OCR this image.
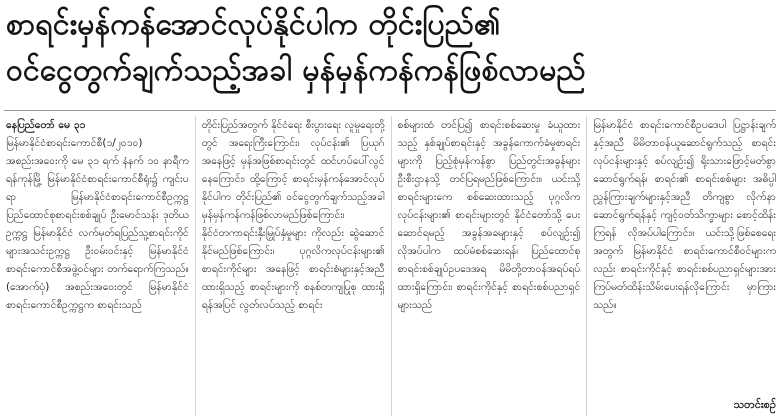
စာရင်းမှန်ကန်အောင်လုပ်နိုင်ပါက တိုင်းပြည်၏
ဝင်ငွေတွက်ချက်သည့်အခါ မှန်မှန်ကန်ကန်ဖြစ်လာမည်
နေပြည်တော် မေ ၃၁

မြန်မာနိုင်ငံစာရင်းကောင်စီ(၁/၂၀၁၀) အစည်းအဝေးကို မေ ၃၁ ရက် နံနက် ၁၀ နာရီက ရန်ကုန်မြို့ မြန်မာနိုင်ငံစာရင်းကောင်စီရုံး၌ ကျင်းပရာ မြန်မာနိုင်ငံစာရင်းကောင်စီဥက္ကဋ္ဌ ပြည်ထောင်စုစာရင်းစစ်ချုပ် ဦးမောင်သန်း ဒုတိယဥက္ကဋ္ဌ မြန်မာနိုင်ငံ လက်မှတ်ရပြည်သူ့စာရင်းကိုင်များအသင်းဥက္ကဋ္ဌ ဦးဝမ်းဝင်းနှင့် မြန်မာနိုင်ငံ စာရင်းကောင်စီအဖွဲ့ဝင်များ တက်ရောက်ကြသည်။ (အောက်ပုံ) အစည်းအဝေးတွင် မြန်မာနိုင်ငံ စာရင်းကောင်စီဥက္ကဋ္ဌက စာရင်းသည်

တိုင်းပြည်အတွက် နိုင်ငံရေး စီးပွားရေး လူမှုရေးတို့တွင် အရေးကြီးကြောင်း၊ လုပ်ငန်း၏ ပြယုဂ်အနေဖြင့် မှန်အဖြစ်စာရင်းတွင် ထင်ဟပ်ပေါ်လွင်နေကြောင်း၊ ထို့ကြောင့် စာရင်းမှန်ကန်အောင်လုပ်နိုင်ပါက တိုင်းပြည်၏ ဝင်ငွေတွက်ချက်သည့်အခါ မှန်မှန်ကန်ကန်ဖြစ်လာမည်ဖြစ်ကြောင်း၊ နိုင်ငံတကာရင်းနှီးမြှုပ်နှံမှုများ ကိုလည်း ဆွဲဆောင်နိုင်မည်ဖြစ်ကြောင်း၊ ပုဂ္ဂလိကလုပ်ငန်းများ၏ စာရင်းကိုင်များ အနေဖြင့် စာရင်းစံများနှင့်အညီ ထားရှိသည့် စာရင်းများကို စနစ်တကျပြုစု ထားရှိရန်အပြင် လွတ်လပ်သည့် စာရင်း

စစ်များထံ တင်ပြ၍ စာရင်းစစ်ဆေးမှု ခံယူထားသည့် နှစ်ချုပ်စာရင်းနှင့် အခွန်ကောက်ခံမှုစာရင်းများကို ပြည့်စုံမှန်ကန်စွာ ပြည်တွင်းအခွန်များဦးစီးဌာနသို့ တင်ပြရမည်ဖြစ်ကြောင်း။ ယင်းသို့ စာရင်းများကေ စစ်ဆေးထားသည့် ပုဂ္ဂလိကလုပ်ငန်းများ၏ စာရင်းများတွင် နိုင်ငံတော်သို့ ပေးဆောင်ရမည့် အခွန်အခများနှင့် စပ်လျဉ်း၍ လိုအပ်ပါက ထပ်မံစစ်ဆေးရန်၊ ပြည်ထောင်စုစာရင်းစစ်ချုပ်ဥပဒေအရ မိမိတို့တာဝန်အရပ်ရပ်ထားရှိကြောင်း၊ စာရင်းကိုင်နှင့် စာရင်းစစ်ပညာရှင်များသည်

မြန်မာနိုင်ငံ စာရင်းကောင်စီဥပဒေပါ ပြဋ္ဌာန်းချက်နှင့်အညီ မိမိတာဝန်ယူဆောင်ရွက်သည့် စာရင်းလုပ်ငန်းများနှင့် စပ်လျဉ်း၍ ရိုးသားဖြောင့်မတ်စွာ ဆောင်ရွက်ရန်၊ စာရင်း၏ စာရင်းစစ်များ အဓိပ္ပါ ညွှန်ကြားချက်များနှင့်အညီ တိကျစွာ လိုက်နာဆောင်ရွက်ရန်နှင့် ကျင့်ဝတ်သိက္ခာများ စောင့်ထိန်းကြရန် လိုအပ်ပါကြောင်း။ ယင်းသို့ဖြစ်စေရေး အတွက် မြန်မာနိုင်ငံ စာရင်းကောင်စီဝင်များကလည်း စာရင်းကိုင်နှင့် စာရင်းစစ်ပညာရှင်များအား ကြပ်မတ်ထိန်းသိမ်းပေးရန်လိုကြောင်း မှာကြားသည်။

သတင်းစဉ်
